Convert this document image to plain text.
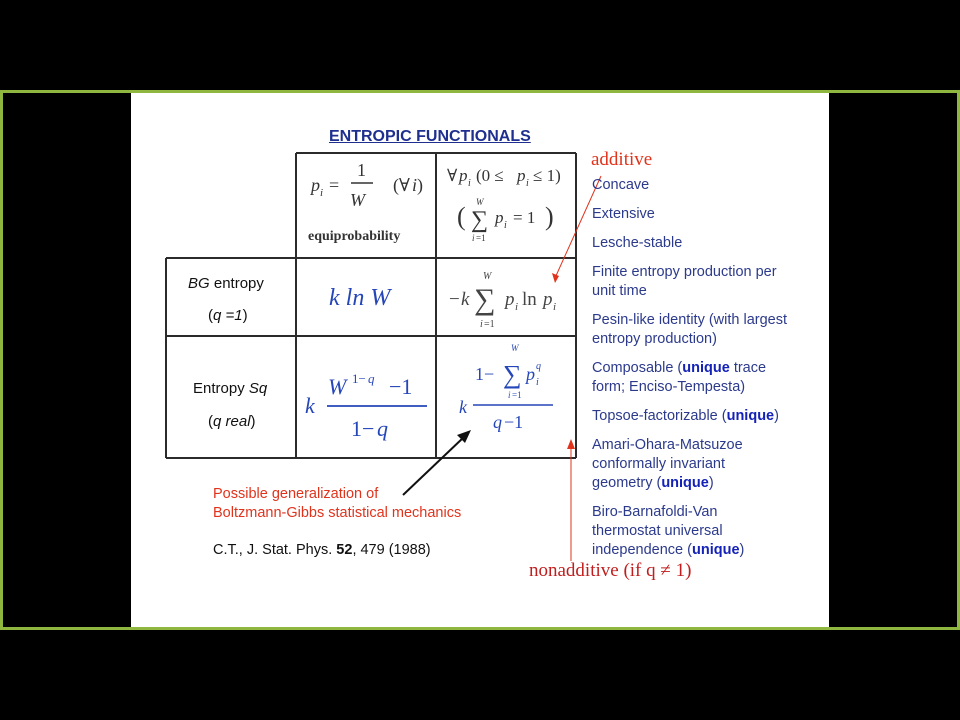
ENTROPIC FUNCTIONALS
p i =
1
W
(∀ i ) ∀ p i (0 ≤ p i ≤ 1)
( W
∑
i =1
p i = 1 )
k ln W	− k
W
∑
i =1
p i ln p i
k
W 1− q −1
1− q
k
1−
W
∑
i =1
p q
i
q −1
equiprobability
BG entropy
(q =1)
Entropy Sq
(q real)
additive
Concave
Extensive
Lesche-stable
Finite entropy production per unit time
Pesin-like identity (with largest entropy production)
Composable (unique trace form; Enciso-Tempesta)
Topsoe-factorizable (unique)
Amari-Ohara-Matsuzoe conformally invariant geometry (unique)
Biro-Barnafoldi-Van thermostat universal independence (unique)
nonadditive (if q ≠ 1)
Possible generalization of
Boltzmann-Gibbs statistical mechanics
C.T., J. Stat. Phys. 52, 479 (1988)
